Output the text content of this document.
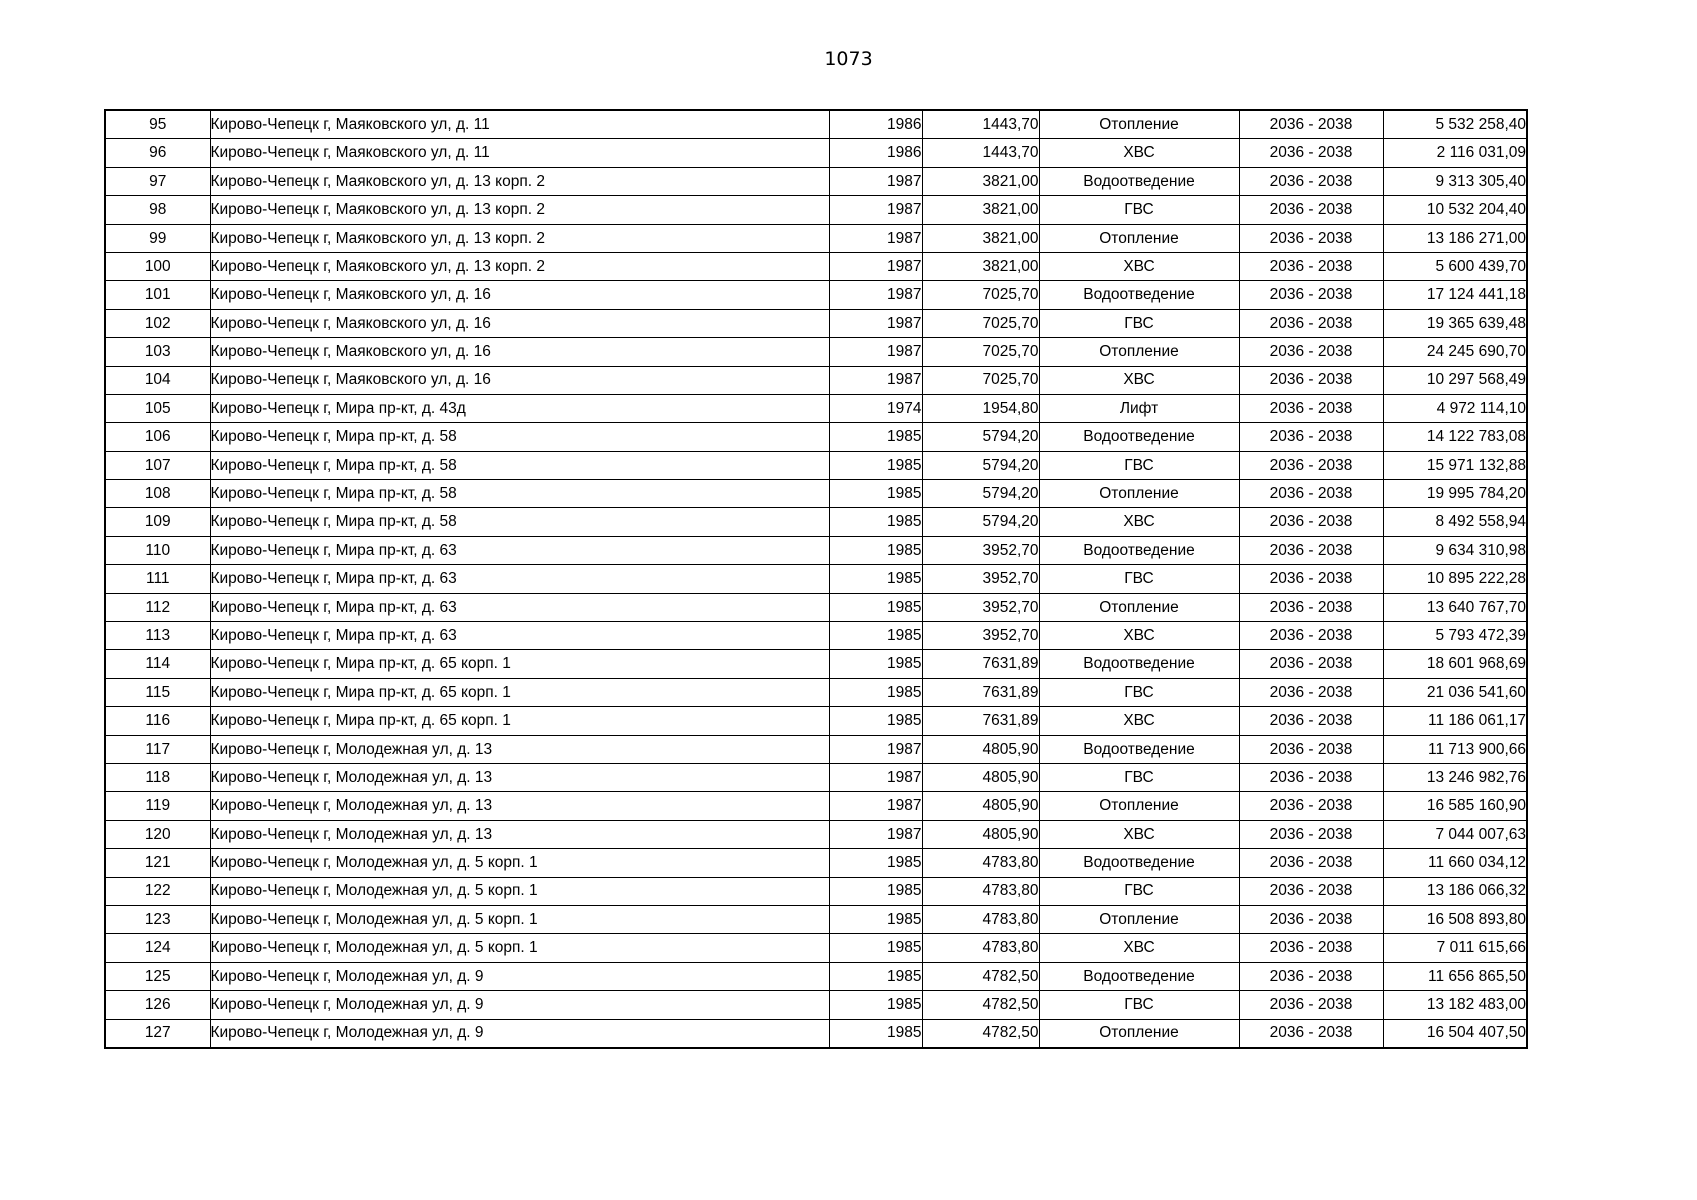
1073
95	Кирово-Чепецк г, Маяковского ул, д. 11	1986	1443,70	Отопление	2036 - 2038	5 532 258,40
96	Кирово-Чепецк г, Маяковского ул, д. 11	1986	1443,70	ХВС	2036 - 2038	2 116 031,09
97	Кирово-Чепецк г, Маяковского ул, д. 13 корп. 2	1987	3821,00	Водоотведение	2036 - 2038	9 313 305,40
98	Кирово-Чепецк г, Маяковского ул, д. 13 корп. 2	1987	3821,00	ГВС	2036 - 2038	10 532 204,40
99	Кирово-Чепецк г, Маяковского ул, д. 13 корп. 2	1987	3821,00	Отопление	2036 - 2038	13 186 271,00
100	Кирово-Чепецк г, Маяковского ул, д. 13 корп. 2	1987	3821,00	ХВС	2036 - 2038	5 600 439,70
101	Кирово-Чепецк г, Маяковского ул, д. 16	1987	7025,70	Водоотведение	2036 - 2038	17 124 441,18
102	Кирово-Чепецк г, Маяковского ул, д. 16	1987	7025,70	ГВС	2036 - 2038	19 365 639,48
103	Кирово-Чепецк г, Маяковского ул, д. 16	1987	7025,70	Отопление	2036 - 2038	24 245 690,70
104	Кирово-Чепецк г, Маяковского ул, д. 16	1987	7025,70	ХВС	2036 - 2038	10 297 568,49
105	Кирово-Чепецк г, Мира пр-кт, д. 43д	1974	1954,80	Лифт	2036 - 2038	4 972 114,10
106	Кирово-Чепецк г, Мира пр-кт, д. 58	1985	5794,20	Водоотведение	2036 - 2038	14 122 783,08
107	Кирово-Чепецк г, Мира пр-кт, д. 58	1985	5794,20	ГВС	2036 - 2038	15 971 132,88
108	Кирово-Чепецк г, Мира пр-кт, д. 58	1985	5794,20	Отопление	2036 - 2038	19 995 784,20
109	Кирово-Чепецк г, Мира пр-кт, д. 58	1985	5794,20	ХВС	2036 - 2038	8 492 558,94
110	Кирово-Чепецк г, Мира пр-кт, д. 63	1985	3952,70	Водоотведение	2036 - 2038	9 634 310,98
111	Кирово-Чепецк г, Мира пр-кт, д. 63	1985	3952,70	ГВС	2036 - 2038	10 895 222,28
112	Кирово-Чепецк г, Мира пр-кт, д. 63	1985	3952,70	Отопление	2036 - 2038	13 640 767,70
113	Кирово-Чепецк г, Мира пр-кт, д. 63	1985	3952,70	ХВС	2036 - 2038	5 793 472,39
114	Кирово-Чепецк г, Мира пр-кт, д. 65 корп. 1	1985	7631,89	Водоотведение	2036 - 2038	18 601 968,69
115	Кирово-Чепецк г, Мира пр-кт, д. 65 корп. 1	1985	7631,89	ГВС	2036 - 2038	21 036 541,60
116	Кирово-Чепецк г, Мира пр-кт, д. 65 корп. 1	1985	7631,89	ХВС	2036 - 2038	11 186 061,17
117	Кирово-Чепецк г, Молодежная ул, д. 13	1987	4805,90	Водоотведение	2036 - 2038	11 713 900,66
118	Кирово-Чепецк г, Молодежная ул, д. 13	1987	4805,90	ГВС	2036 - 2038	13 246 982,76
119	Кирово-Чепецк г, Молодежная ул, д. 13	1987	4805,90	Отопление	2036 - 2038	16 585 160,90
120	Кирово-Чепецк г, Молодежная ул, д. 13	1987	4805,90	ХВС	2036 - 2038	7 044 007,63
121	Кирово-Чепецк г, Молодежная ул, д. 5 корп. 1	1985	4783,80	Водоотведение	2036 - 2038	11 660 034,12
122	Кирово-Чепецк г, Молодежная ул, д. 5 корп. 1	1985	4783,80	ГВС	2036 - 2038	13 186 066,32
123	Кирово-Чепецк г, Молодежная ул, д. 5 корп. 1	1985	4783,80	Отопление	2036 - 2038	16 508 893,80
124	Кирово-Чепецк г, Молодежная ул, д. 5 корп. 1	1985	4783,80	ХВС	2036 - 2038	7 011 615,66
125	Кирово-Чепецк г, Молодежная ул, д. 9	1985	4782,50	Водоотведение	2036 - 2038	11 656 865,50
126	Кирово-Чепецк г, Молодежная ул, д. 9	1985	4782,50	ГВС	2036 - 2038	13 182 483,00
127	Кирово-Чепецк г, Молодежная ул, д. 9	1985	4782,50	Отопление	2036 - 2038	16 504 407,50
